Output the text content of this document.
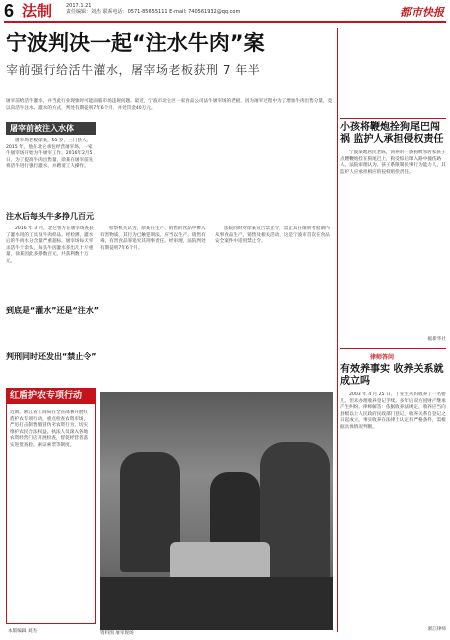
6 法制	2017.1.21
责任编辑：刘杰 联系电话：0571-85655111 E-mail: 740561932@qq.com	都市快报
宁波判决一起“注水牛肉”案
宰前强行给活牛灌水，屠宰场老板获刑 7 年半
屠宰前给活牛灌水，并当此行业现象时可能面临市场违规问题。最近，宁波市北仑区一家食品公司法牛屠宰场的老板，因为屠宰过程中为了增加牛肉出售分量，竟以向活牛注水、灌水的方式，判处有期徒刑7年6个月，并处罚金40万元。
屠宰前被注入水体
屠宰场老板徐某，65 岁，三门县人。2015 年，他在北仑承包经营屠宰场，一家牛屠宰场开始为牛屠宰工作。2016年2月5日，为了提高牛肉出售量，徐某在屠宰前先将活牛进行强行灌水，并聘请工人操作。
注水后每头牛多挣几百元
2016 年 3 月，北仑警方在屠宰场查获了灌水用的工具及牛肉样品。经检测，灌水后的牛肉水分含量严重超标，屠宰场每天宰杀活牛十余头，每头牛因灌水多出几十斤重量，徐某因此多挣数百元，共获利数十万元。
检察机关认为，徐某在生产、销售的食品中掺入有害物质，其行为已触犯刑法，应当以生产、销售有毒、有害食品罪追究其刑事责任。经审理，法院判处有期徒刑7年6个月。
法院同时对徐某宣告禁止令，禁止其在缓刑考验期内从事食品生产、销售及相关活动，这是宁波市首次在食品安全案件中适用禁止令。
到底是“灌水”还是“注水”
判刑同时还发出“禁止令”
红盾护农专项行动
近期，浙江省工商局在全省部署开展红盾护农专项行动，重点检查农资市场，严厉打击制售假冒伪劣农资行为，切实维护农民合法权益。执法人员深入各地农资经营门店开展检查，督促经营者落实进货查验、索证索票等制度。
本版编辑 刘杰	资料图 屠宰现场
小孩将鞭炮拴狗尾巴闯祸 监护人承担侵权责任
宁波某地居民老陈，饲养的一条狗被邻居家孩子点燃鞭炮拴在狗尾巴上，狗受惊后窜入路中撞伤路人。法院审理认为，孩子系限制民事行为能力人，其监护人应承担相应的侵权赔偿责任。
据新华社
律师答问
有效养事实 收养关系就成立吗
2003 年 4 月 25 日，丁先生夫妇收养了一名婴儿，但未办理收养登记手续。多年后双方因财产继承产生纠纷。律师解答：依据收养法规定，收养应当向县级以上人民政府民政部门登记，收养关系自登记之日起成立。事实收养在法律上认定有严格条件，需根据具体情况判断。
浙江律师
